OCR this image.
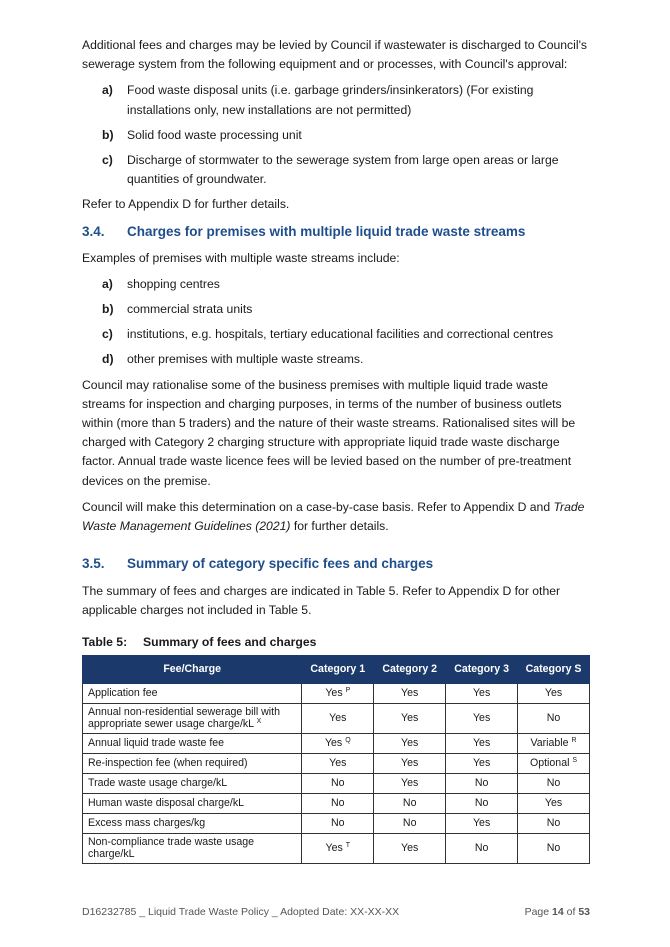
Additional fees and charges may be levied by Council if wastewater is discharged to Council's sewerage system from the following equipment and or processes, with Council's approval:

a)	Food waste disposal units (i.e. garbage grinders/insinkerators) (For existing installations only, new installations are not permitted)
b)	Solid food waste processing unit
c)	Discharge of stormwater to the sewerage system from large open areas or large quantities of groundwater.

Refer to Appendix D for further details.

3.4.	Charges for premises with multiple liquid trade waste streams

Examples of premises with multiple waste streams include:

a)	shopping centres
b)	commercial strata units
c)	institutions, e.g. hospitals, tertiary educational facilities and correctional centres
d)	other premises with multiple waste streams.

Council may rationalise some of the business premises with multiple liquid trade waste streams for inspection and charging purposes, in terms of the number of business outlets within (more than 5 traders) and the nature of their waste streams. Rationalised sites will be charged with Category 2 charging structure with appropriate liquid trade waste discharge factor. Annual trade waste licence fees will be levied based on the number of pre-treatment devices on the premise.

Council will make this determination on a case-by-case basis. Refer to Appendix D and Trade Waste Management Guidelines (2021) for further details.

3.5.	Summary of category specific fees and charges

The summary of fees and charges are indicated in Table 5. Refer to Appendix D for other applicable charges not included in Table 5.

Table 5:	Summary of fees and charges
Fee/Charge	Category 1	Category 2	Category 3	Category S
Application fee	Yes $^P$	Yes	Yes	Yes
Annual non-residential sewerage bill with appropriate sewer usage charge/kL $^X$	Yes	Yes	Yes	No
Annual liquid trade waste fee	Yes $^Q$	Yes	Yes	Variable $^R$
Re-inspection fee (when required)	Yes	Yes	Yes	Optional $^S$
Trade waste usage charge/kL	No	Yes	No	No
Human waste disposal charge/kL	No	No	No	Yes
Excess mass charges/kg	No	No	Yes	No
Non-compliance trade waste usage charge/kL	Yes $^T$	Yes	No	No
D16232785 _ Liquid Trade Waste Policy _ Adopted Date: XX-XX-XX	Page 14 of 53
